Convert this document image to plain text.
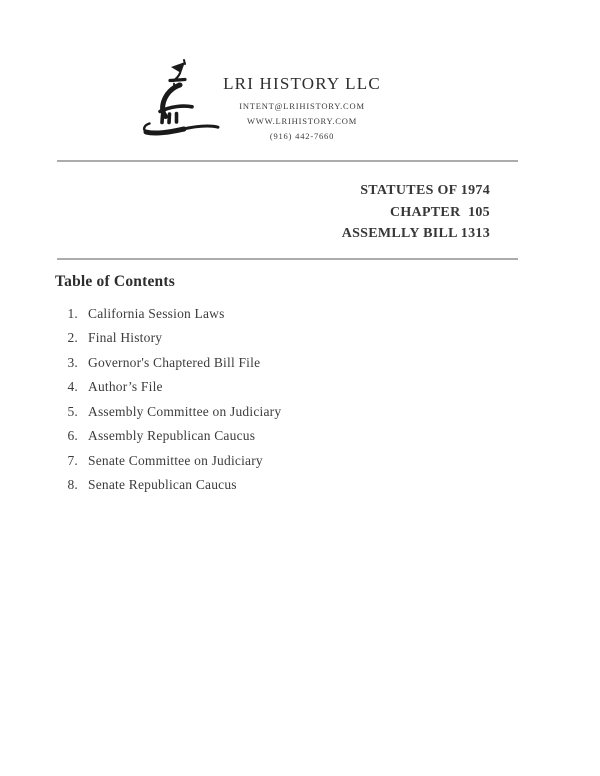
LRI HISTORY LLC
INTENT@LRIHISTORY.COM
WWW.LRIHISTORY.COM
(916) 442-7660
STATUTES OF 1974
CHAPTER  105
ASSEMLLY BILL 1313
Table of Contents
1. California Session Laws
2. Final History
3. Governor's Chaptered Bill File
4. Author’s File
5. Assembly Committee on Judiciary
6. Assembly Republican Caucus
7. Senate Committee on Judiciary
8. Senate Republican Caucus
